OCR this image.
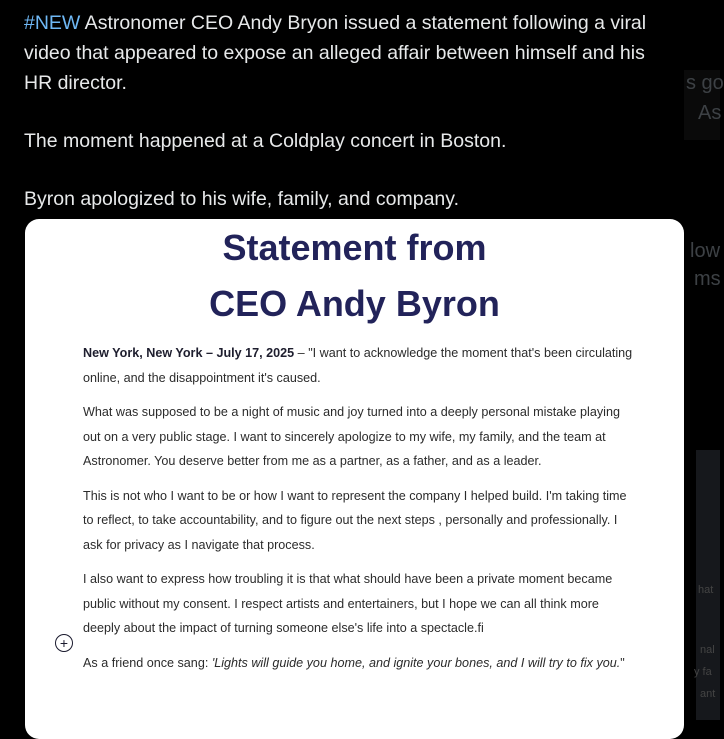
s go
As
low
ms
hat
nal
y fa
ant

#NEW Astronomer CEO Andy Bryon issued a statement following a viral video that appeared to expose an alleged affair between himself and his HR director.

The moment happened at a Coldplay concert in Boston.

Byron apologized to his wife, family, and company.

Statement from
CEO Andy Byron

New York, New York – July 17, 2025 – "I want to acknowledge the moment that's been circulating online, and the disappointment it's caused.

What was supposed to be a night of music and joy turned into a deeply personal mistake playing out on a very public stage. I want to sincerely apologize to my wife, my family, and the team at Astronomer. You deserve better from me as a partner, as a father, and as a leader.

This is not who I want to be or how I want to represent the company I helped build. I'm taking time to reflect, to take accountability, and to figure out the next steps , personally and professionally. I ask for privacy as I navigate that process.

I also want to express how troubling it is that what should have been a private moment became public without my consent. I respect artists and entertainers, but I hope we can all think more deeply about the impact of turning someone else's life into a spectacle.fi

As a friend once sang: 'Lights will guide you home, and ignite your bones, and I will try to fix you."

+
